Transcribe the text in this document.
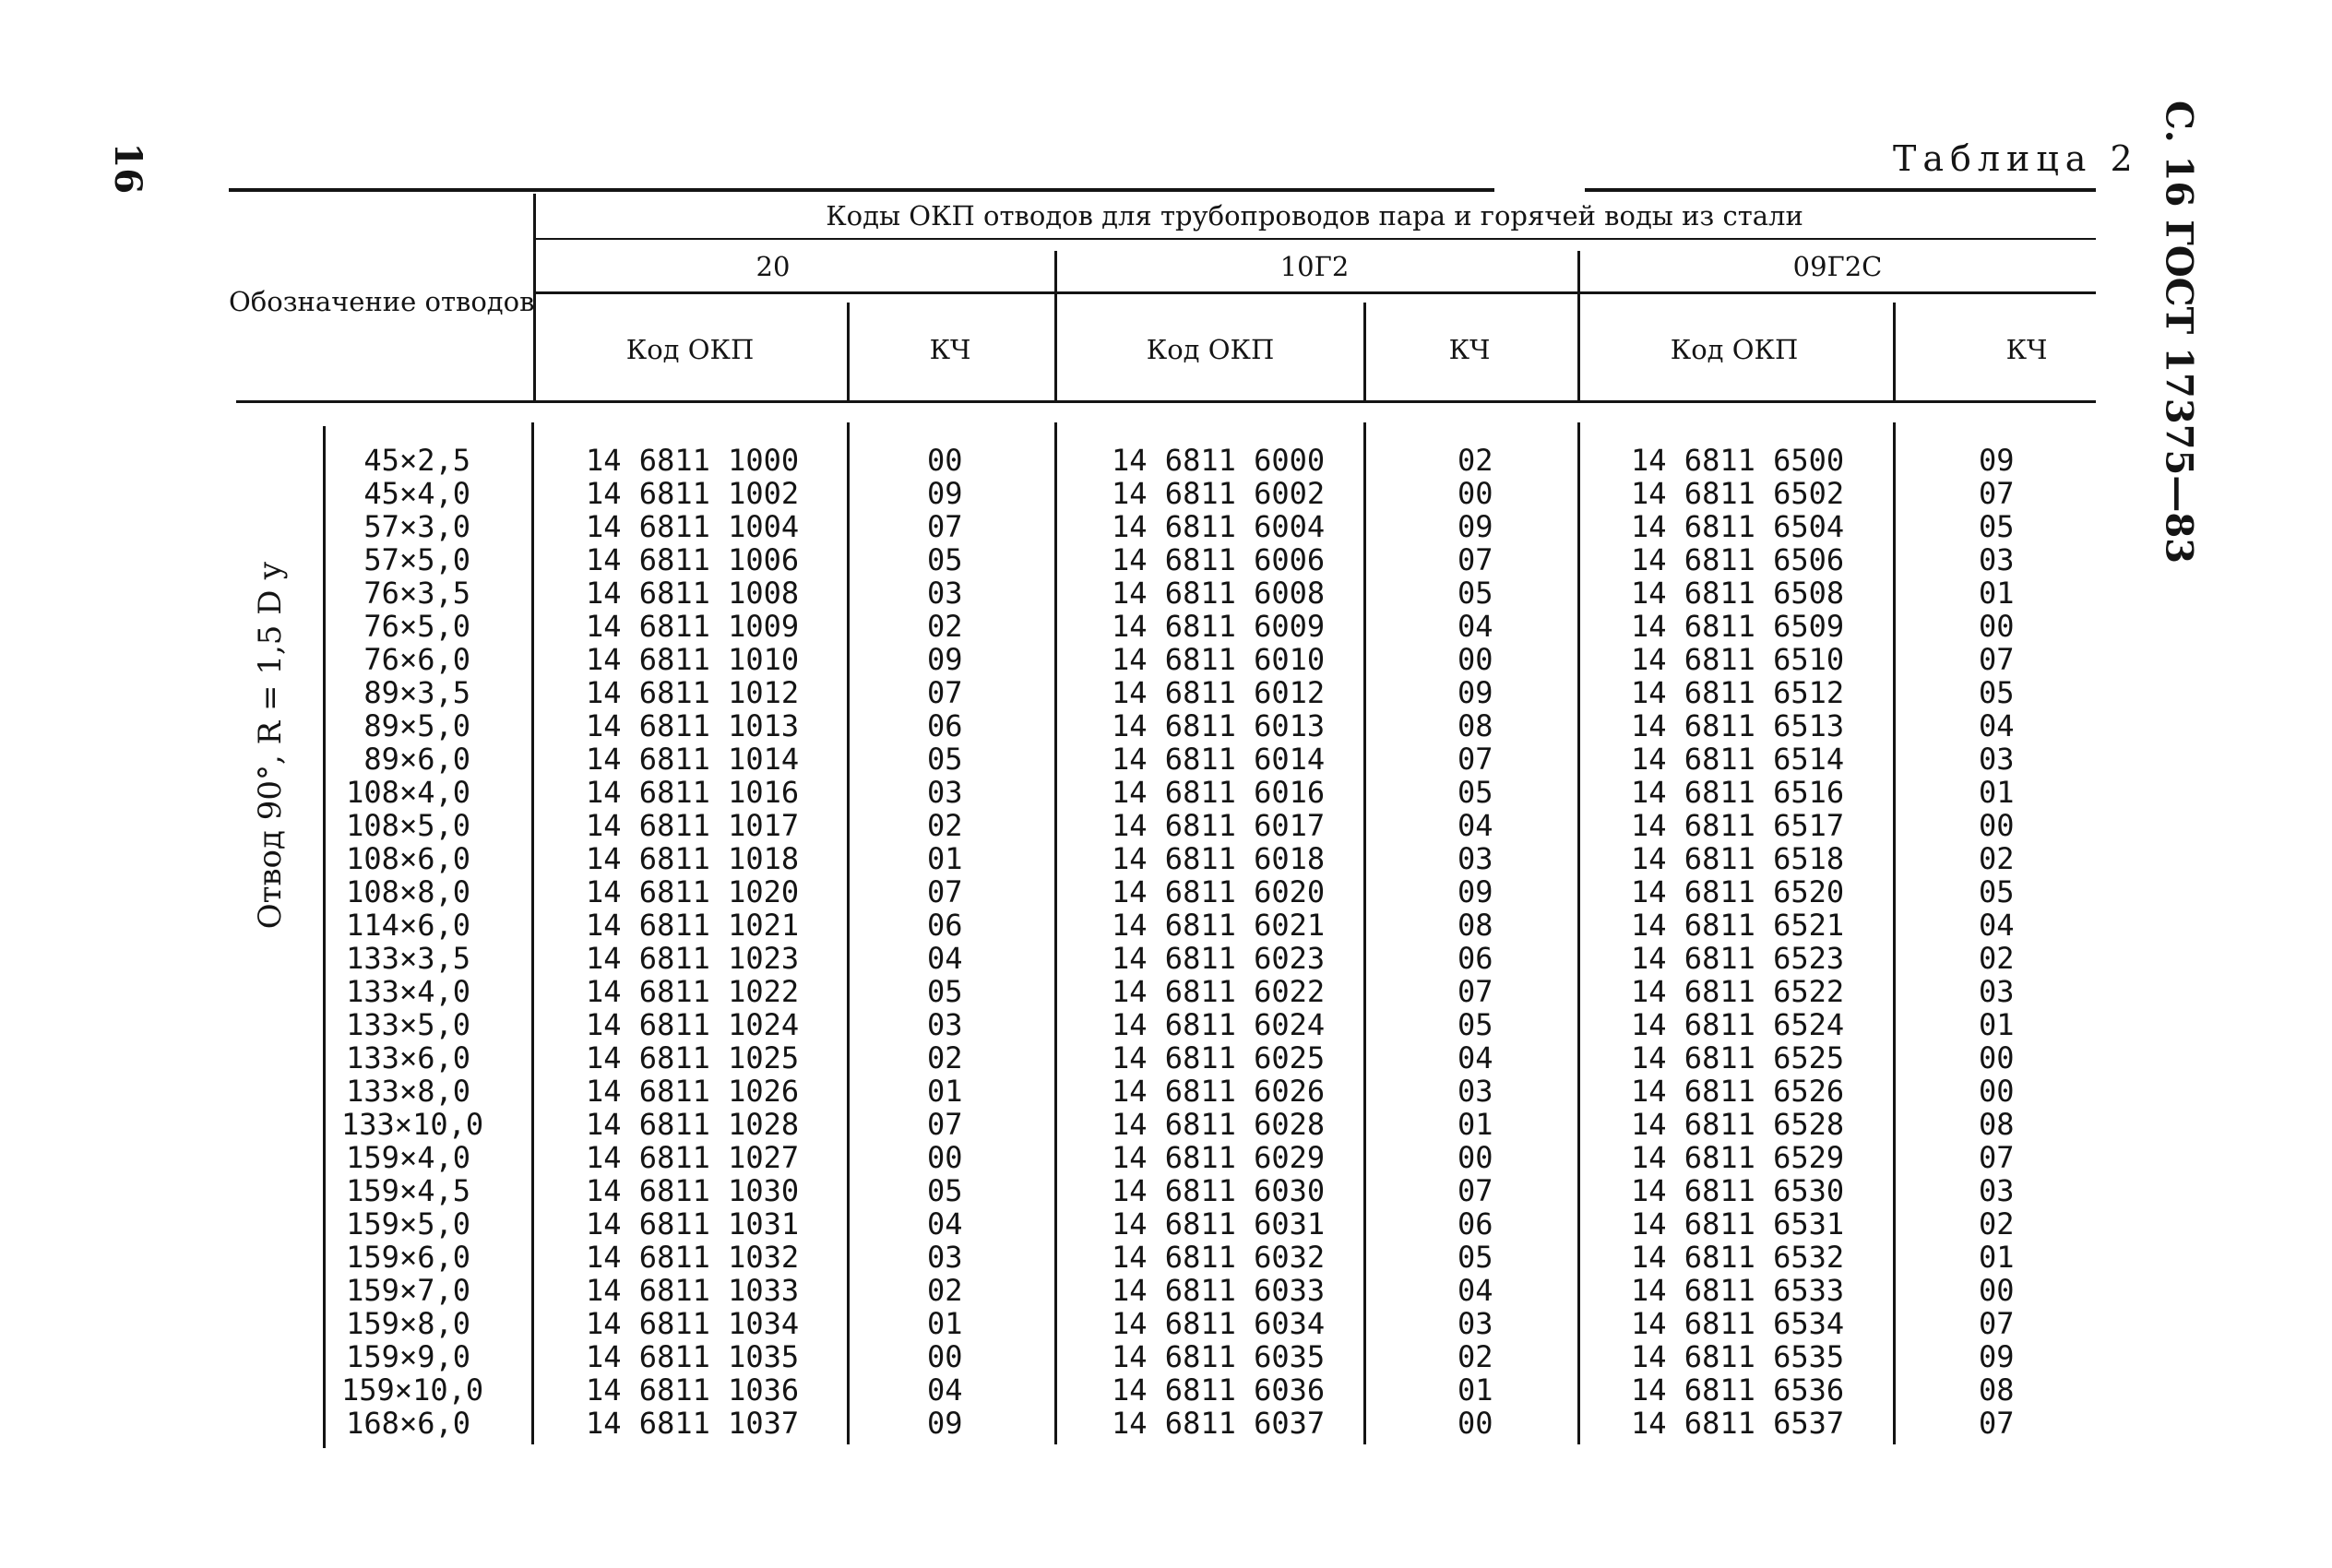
16	С. 16 ГОСТ 17375—83
Таблица 2
Обозначение отводов
Коды ОКП отводов для трубопроводов пара и горячей воды из стали
20	10Г2	09Г2С
Код ОКП	КЧ	Код ОКП	КЧ	Код ОКП	КЧ
Отвод 90°, R = 1,5 D у
45×2,5	14 6811 1000	00	14 6811 6000	02	14 6811 6500	09
45×4,0	14 6811 1002	09	14 6811 6002	00	14 6811 6502	07
57×3,0	14 6811 1004	07	14 6811 6004	09	14 6811 6504	05
57×5,0	14 6811 1006	05	14 6811 6006	07	14 6811 6506	03
76×3,5	14 6811 1008	03	14 6811 6008	05	14 6811 6508	01
76×5,0	14 6811 1009	02	14 6811 6009	04	14 6811 6509	00
76×6,0	14 6811 1010	09	14 6811 6010	00	14 6811 6510	07
89×3,5	14 6811 1012	07	14 6811 6012	09	14 6811 6512	05
89×5,0	14 6811 1013	06	14 6811 6013	08	14 6811 6513	04
89×6,0	14 6811 1014	05	14 6811 6014	07	14 6811 6514	03
108×4,0	14 6811 1016	03	14 6811 6016	05	14 6811 6516	01
108×5,0	14 6811 1017	02	14 6811 6017	04	14 6811 6517	00
108×6,0	14 6811 1018	01	14 6811 6018	03	14 6811 6518	02
108×8,0	14 6811 1020	07	14 6811 6020	09	14 6811 6520	05
114×6,0	14 6811 1021	06	14 6811 6021	08	14 6811 6521	04
133×3,5	14 6811 1023	04	14 6811 6023	06	14 6811 6523	02
133×4,0	14 6811 1022	05	14 6811 6022	07	14 6811 6522	03
133×5,0	14 6811 1024	03	14 6811 6024	05	14 6811 6524	01
133×6,0	14 6811 1025	02	14 6811 6025	04	14 6811 6525	00
133×8,0	14 6811 1026	01	14 6811 6026	03	14 6811 6526	00
133×10,0	14 6811 1028	07	14 6811 6028	01	14 6811 6528	08
159×4,0	14 6811 1027	00	14 6811 6029	00	14 6811 6529	07
159×4,5	14 6811 1030	05	14 6811 6030	07	14 6811 6530	03
159×5,0	14 6811 1031	04	14 6811 6031	06	14 6811 6531	02
159×6,0	14 6811 1032	03	14 6811 6032	05	14 6811 6532	01
159×7,0	14 6811 1033	02	14 6811 6033	04	14 6811 6533	00
159×8,0	14 6811 1034	01	14 6811 6034	03	14 6811 6534	07
159×9,0	14 6811 1035	00	14 6811 6035	02	14 6811 6535	09
159×10,0	14 6811 1036	04	14 6811 6036	01	14 6811 6536	08
168×6,0	14 6811 1037	09	14 6811 6037	00	14 6811 6537	07
